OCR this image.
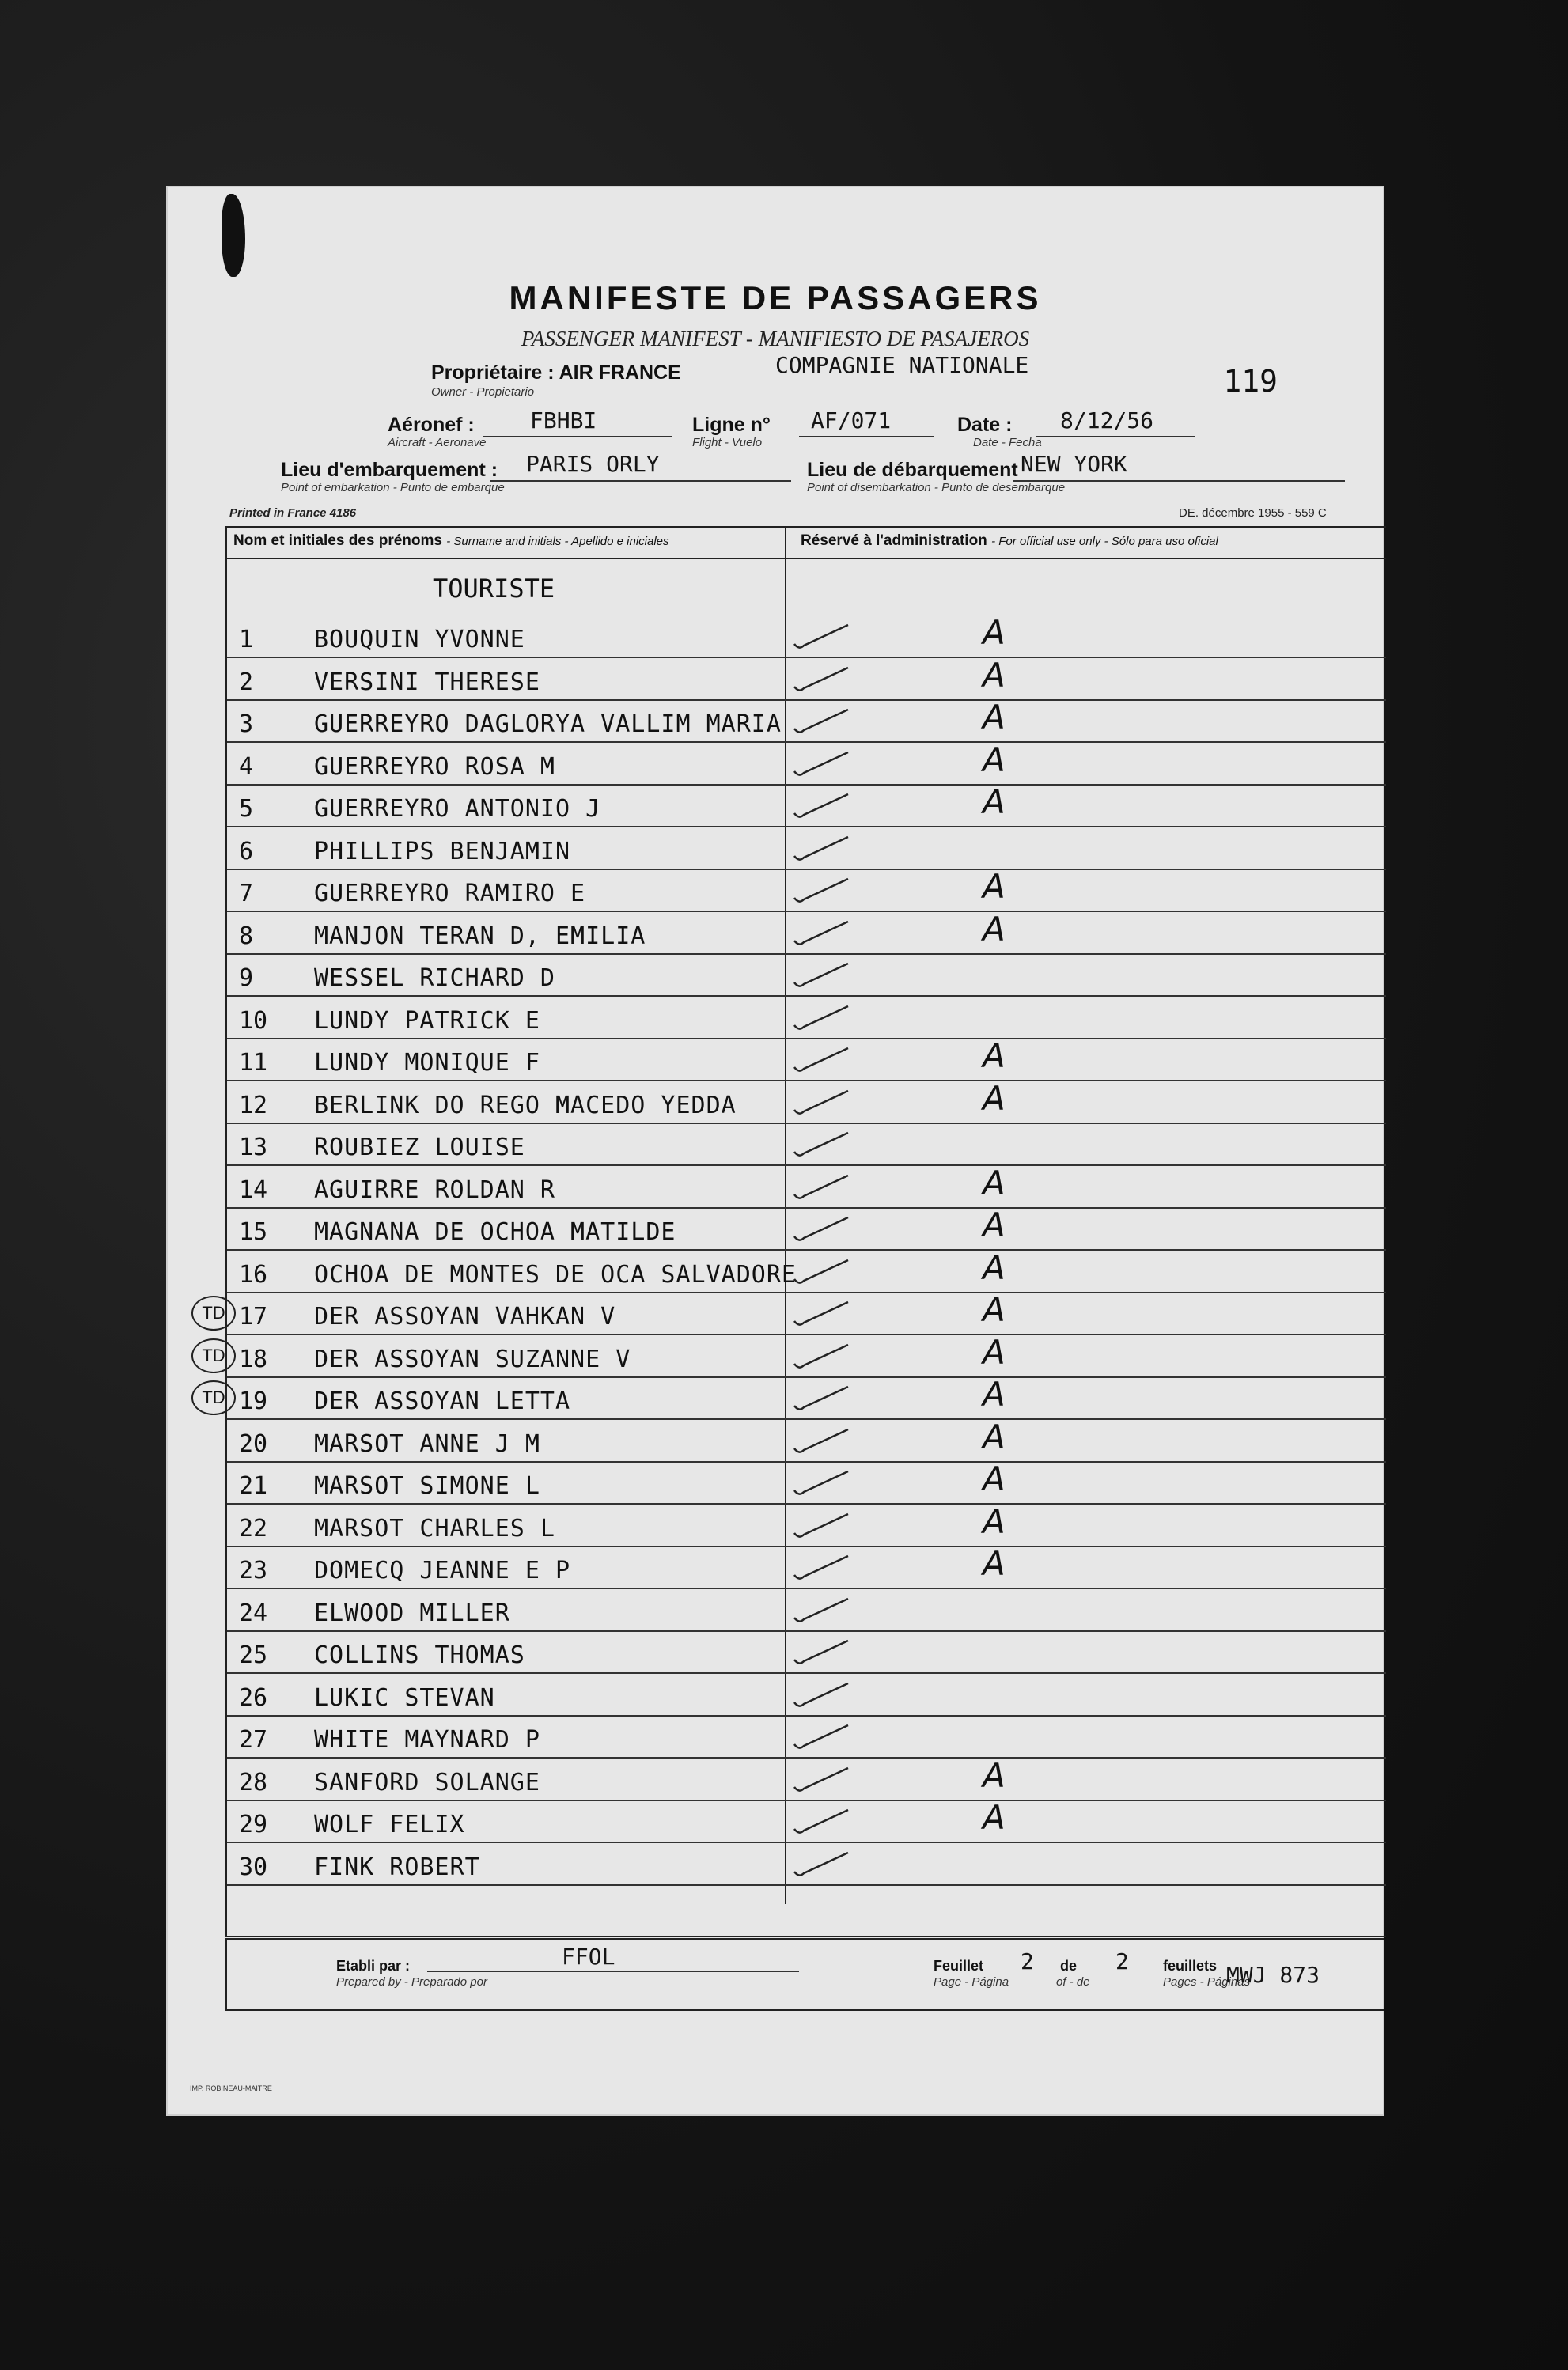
MANIFESTE DE PASSAGERS
PASSENGER MANIFEST - MANIFIESTO DE PASAJEROS
Propriétaire : AIR FRANCE
Owner - Propietario
COMPAGNIE NATIONALE	119
Aéronef :
Aircraft - Aeronave
FBHBI	Ligne n°
Flight - Vuelo
AF/071	Date :
Date - Fecha
8/12/56
Lieu d'embarquement :
Point of embarkation - Punto de embarque
PARIS ORLY	Lieu de débarquement
Point of disembarkation - Punto de desembarque
NEW YORK
Printed in France 4186	DE. décembre 1955 - 559 C
Nom et initiales des prénoms - Surname and initials - Apellido e iniciales	Réservé à l'administration - For official use only - Sólo para uso oficial
TOURISTE
1	BOUQUIN YVONNE	A
2	VERSINI THERESE	A
3	GUERREYRO DAGLORYA VALLIM MARIA	A
4	GUERREYRO ROSA M	A
5	GUERREYRO ANTONIO J	A
6	PHILLIPS BENJAMIN
7	GUERREYRO RAMIRO E	A
8	MANJON TERAN D, EMILIA	A
9	WESSEL RICHARD D
10 LUNDY PATRICK E
11 LUNDY MONIQUE F	A
12 BERLINK DO REGO MACEDO YEDDA	A
13 ROUBIEZ LOUISE
14 AGUIRRE ROLDAN R	A
15 MAGNANA DE OCHOA MATILDE	A
16 OCHOA DE MONTES DE OCA SALVADORE	A
17 DER ASSOYAN VAHKAN V	A
TD
18 DER ASSOYAN SUZANNE V	A
TD
19 DER ASSOYAN LETTA	A
TD
20 MARSOT ANNE J M	A
21 MARSOT SIMONE L	A
22 MARSOT CHARLES L	A
23 DOMECQ JEANNE E P	A
24 ELWOOD MILLER
25 COLLINS THOMAS
26 LUKIC STEVAN
27 WHITE MAYNARD P
28 SANFORD SOLANGE	A
29 WOLF FELIX	A
30 FINK ROBERT
Etabli par :
Prepared by - Preparado por
FFOL	Feuillet
Page - Página
2 de
of - de
2 feuillets
Pages - Páginas
MWJ 873
IMP. ROBINEAU-MAITRE
